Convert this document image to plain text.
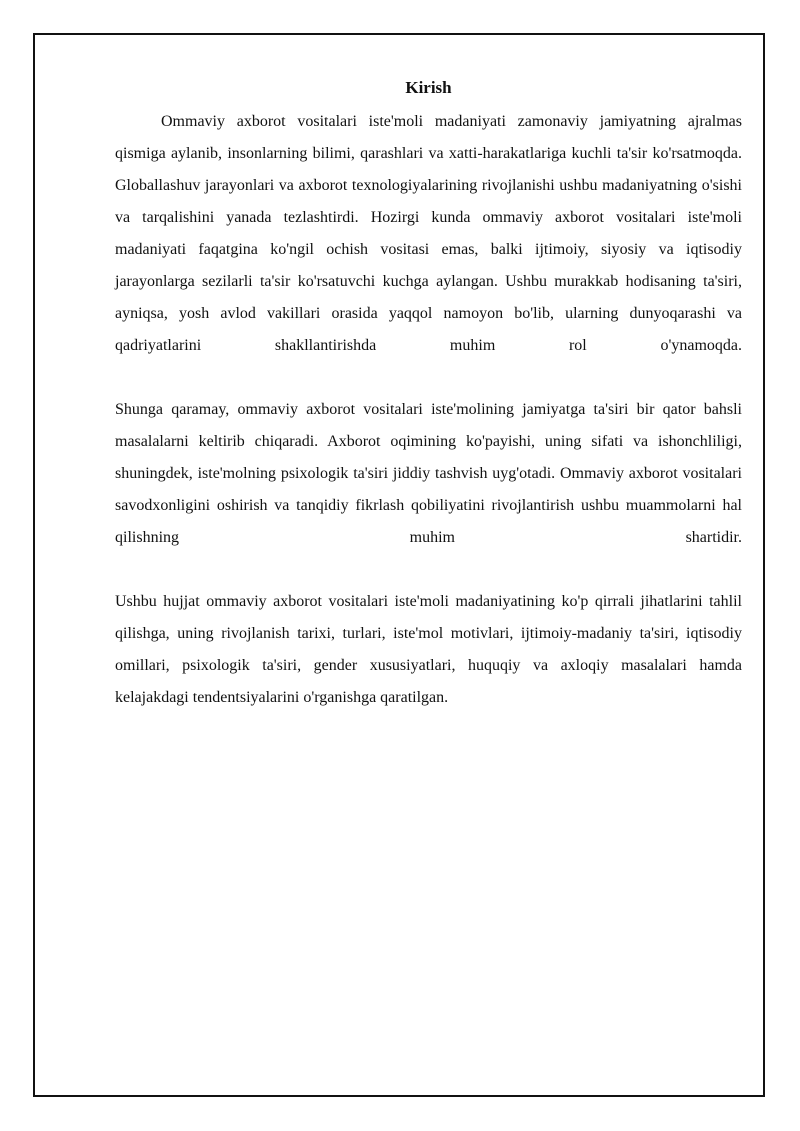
Kirish

Ommaviy axborot vositalari iste'moli madaniyati zamonaviy jamiyatning ajralmas qismiga aylanib, insonlarning bilimi, qarashlari va xatti-harakatlariga kuchli ta'sir ko'rsatmoqda. Globallashuv jarayonlari va axborot texnologiyalarining rivojlanishi ushbu madaniyatning o'sishi va tarqalishini yanada tezlashtirdi. Hozirgi kunda ommaviy axborot vositalari iste'moli madaniyati faqatgina ko'ngil ochish vositasi emas, balki ijtimoiy, siyosiy va iqtisodiy jarayonlarga sezilarli ta'sir ko'rsatuvchi kuchga aylangan. Ushbu murakkab hodisaning ta'siri, ayniqsa, yosh avlod vakillari orasida yaqqol namoyon bo'lib, ularning dunyoqarashi va qadriyatlarini shakllantirishda muhim rol o'ynamoqda.

Shunga qaramay, ommaviy axborot vositalari iste'molining jamiyatga ta'siri bir qator bahsli masalalarni keltirib chiqaradi. Axborot oqimining ko'payishi, uning sifati va ishonchliligi, shuningdek, iste'molning psixologik ta'siri jiddiy tashvish uyg'otadi. Ommaviy axborot vositalari savodxonligini oshirish va tanqidiy fikrlash qobiliyatini rivojlantirish ushbu muammolarni hal qilishning muhim shartidir.

Ushbu hujjat ommaviy axborot vositalari iste'moli madaniyatining ko'p qirrali jihatlarini tahlil qilishga, uning rivojlanish tarixi, turlari, iste'mol motivlari, ijtimoiy-madaniy ta'siri, iqtisodiy omillari, psixologik ta'siri, gender xususiyatlari, huquqiy va axloqiy masalalari hamda kelajakdagi tendentsiyalarini o'rganishga qaratilgan.
